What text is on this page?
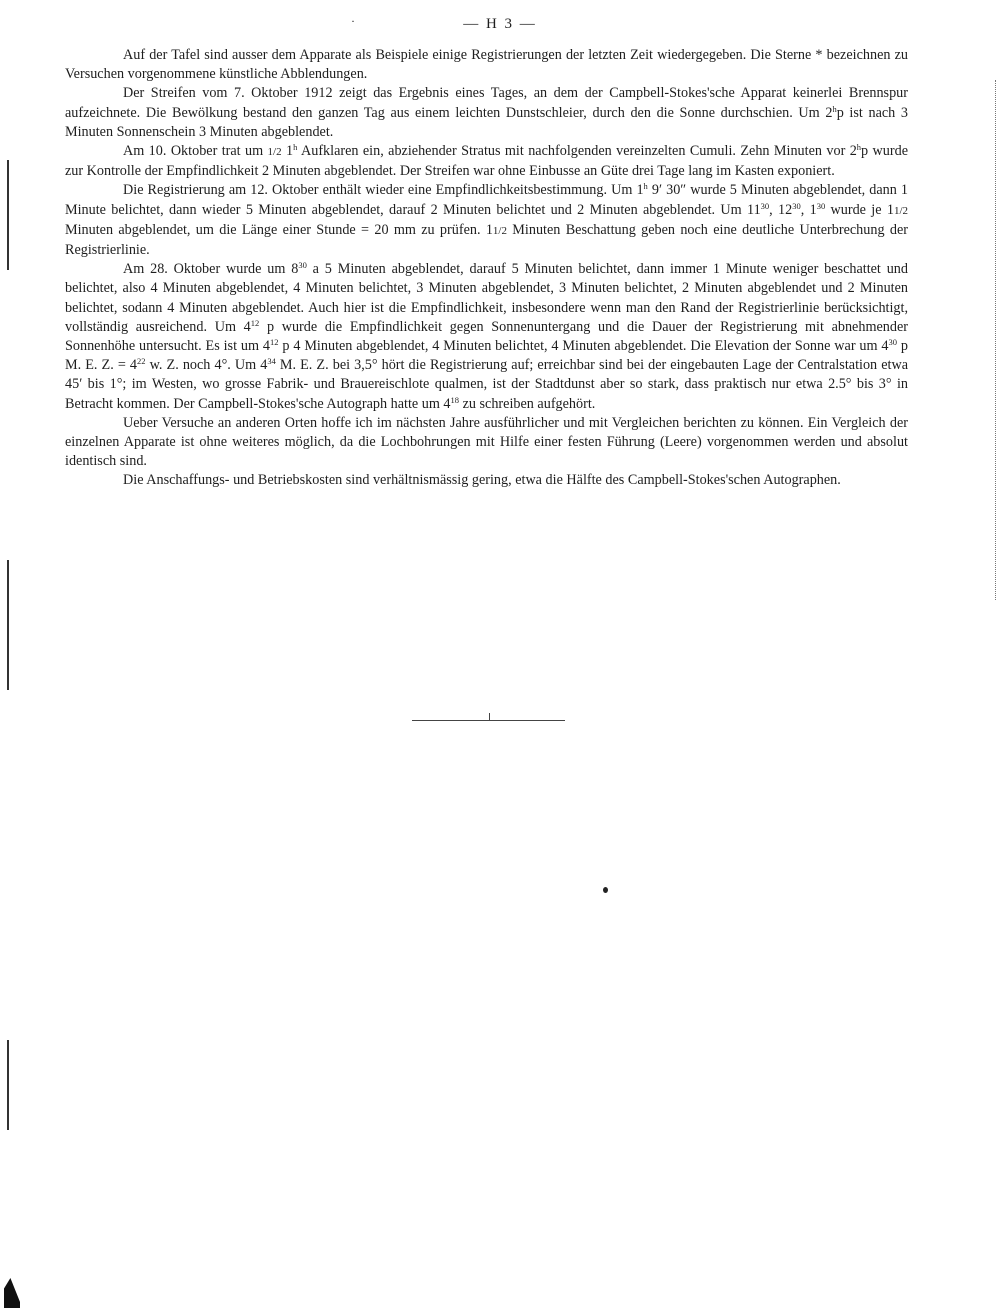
·	— H 3 —

Auf der Tafel sind ausser dem Apparate als Beispiele einige Registrierungen der letzten Zeit wiedergegeben. Die Sterne * bezeichnen zu Versuchen vorgenommene künstliche Abblendungen.

Der Streifen vom 7. Oktober 1912 zeigt das Ergebnis eines Tages, an dem der Campbell-Stokes'sche Apparat keinerlei Brennspur aufzeichnete. Die Bewölkung bestand den ganzen Tag aus einem leichten Dunstschleier, durch den die Sonne durchschien. Um 2$^h$p ist nach 3 Minuten Sonnenschein 3 Minuten abgeblendet.

Am 10. Oktober trat um 1/2 1$^h$ Aufklaren ein, abziehender Stratus mit nachfolgenden vereinzelten Cumuli. Zehn Minuten vor 2$^h$p wurde zur Kontrolle der Empfindlichkeit 2 Minuten abgeblendet. Der Streifen war ohne Einbusse an Güte drei Tage lang im Kasten exponiert.

Die Registrierung am 12. Oktober enthält wieder eine Empfindlichkeitsbestimmung. Um 1$^h$ 9′ 30″ wurde 5 Minuten abgeblendet, dann 1 Minute belichtet, dann wieder 5 Minuten abgeblendet, darauf 2 Minuten belichtet und 2 Minuten abgeblendet. Um $11^{30}$, $12^{30}$, $1^{30}$ wurde je 11/2 Minuten abgeblendet, um die Länge einer Stunde = 20 mm zu prüfen. 11/2 Minuten Beschattung geben noch eine deutliche Unterbrechung der Registrierlinie.

Am 28. Oktober wurde um $8^{30}$ a 5 Minuten abgeblendet, darauf 5 Minuten belichtet, dann immer 1 Minute weniger beschattet und belichtet, also 4 Minuten abgeblendet, 4 Minuten belichtet, 3 Minuten abgeblendet, 3 Minuten belichtet, 2 Minuten abgeblendet und 2 Minuten belichtet, sodann 4 Minuten abgeblendet. Auch hier ist die Empfindlichkeit, insbesondere wenn man den Rand der Registrierlinie berücksichtigt, vollständig ausreichend. Um $4^{12}$ p wurde die Empfindlichkeit gegen Sonnenuntergang und die Dauer der Registrierung mit abnehmender Sonnenhöhe untersucht. Es ist um $4^{12}$ p 4 Minuten abgeblendet, 4 Minuten belichtet, 4 Minuten abgeblendet. Die Elevation der Sonne war um $4^{30}$ p M. E. Z. = $4^{22}$ w. Z. noch 4°. Um $4^{34}$ M. E. Z. bei 3,5° hört die Registrierung auf; erreichbar sind bei der eingebauten Lage der Centralstation etwa 45′ bis 1°; im Westen, wo grosse Fabrik- und Brauereischlote qualmen, ist der Stadtdunst aber so stark, dass praktisch nur etwa 2.5° bis 3° in Betracht kommen. Der Campbell-Stokes'sche Autograph hatte um $4^{18}$ zu schreiben aufgehört.

Ueber Versuche an anderen Orten hoffe ich im nächsten Jahre ausführlicher und mit Vergleichen berichten zu können. Ein Vergleich der einzelnen Apparate ist ohne weiteres möglich, da die Lochbohrungen mit Hilfe einer festen Führung (Leere) vorgenommen werden und absolut identisch sind.

Die Anschaffungs- und Betriebskosten sind verhältnismässig gering, etwa die Hälfte des Campbell-Stokes'schen Autographen.
